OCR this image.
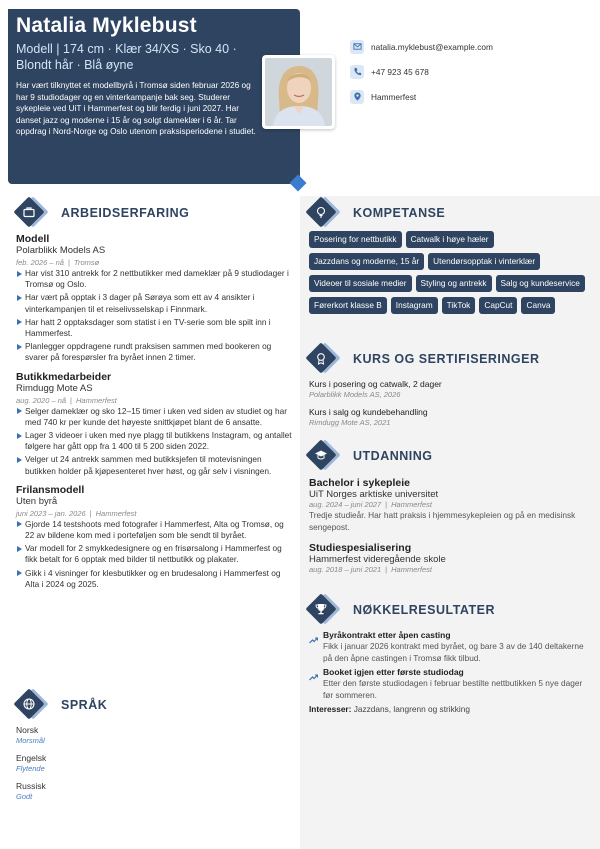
Natalia Myklebust
Modell | 174 cm · Klær 34/XS · Sko 40 · Blondt hår · Blå øyne
Har vært tilknyttet et modellbyrå i Tromsø siden februar 2026 og har 9 studiodager og en vinterkampanje bak seg. Studerer sykepleie ved UiT i Hammerfest og blir ferdig i juni 2027. Har danset jazz og moderne i 15 år og solgt dameklær i 6 år. Tar oppdrag i Nord-Norge og Oslo utenom praksisperiodene i studiet.
natalia.myklebust@example.com
+47 923 45 678
Hammerfest
ARBEIDSERFARING
Modell
Polarblikk Models AS
feb. 2026 – nå | Tromsø
Har vist 310 antrekk for 2 nettbutikker med dameklær på 9 studiodager i Tromsø og Oslo.
Har vært på opptak i 3 dager på Sørøya som ett av 4 ansikter i vinterkampanjen til et reiselivsselskap i Finnmark.
Har hatt 2 opptaksdager som statist i en TV-serie som ble spilt inn i Hammerfest.
Planlegger oppdragene rundt praksisen sammen med bookeren og svarer på forespørsler fra byrået innen 2 timer.
Butikkmedarbeider
Rimdugg Mote AS
aug. 2020 – nå | Hammerfest
Selger dameklær og sko 12–15 timer i uken ved siden av studiet og har med 740 kr per kunde det høyeste snittkjøpet blant de 6 ansatte.
Lager 3 videoer i uken med nye plagg til butikkens Instagram, og antallet følgere har gått opp fra 1 400 til 5 200 siden 2022.
Velger ut 24 antrekk sammen med butikksjefen til motevisningen butikken holder på kjøpesenteret hver høst, og går selv i visningen.
Frilansmodell
Uten byrå
juni 2023 – jan. 2026 | Hammerfest
Gjorde 14 testshoots med fotografer i Hammerfest, Alta og Tromsø, og 22 av bildene kom med i porteføljen som ble sendt til byrået.
Var modell for 2 smykkedesignere og en frisørsalong i Hammerfest og fikk betalt for 6 opptak med bilder til nettbutikk og plakater.
Gikk i 4 visninger for klesbutikker og en brudesalong i Hammerfest og Alta i 2024 og 2025.
SPRÅK
Norsk
Morsmål
Engelsk
Flytende
Russisk
Godt
KOMPETANSE
Posering for nettbutikk	Catwalk i høye hæler
Jazzdans og moderne, 15 år	Utendørsopptak i vinterklær
Videoer til sosiale medier	Styling og antrekk	Salg og kundeservice
Førerkort klasse B	Instagram	TikTok	CapCut	Canva
KURS OG SERTIFISERINGER
Kurs i posering og catwalk, 2 dager
Polarblikk Models AS, 2026
Kurs i salg og kundebehandling
Rimdugg Mote AS, 2021
UTDANNING
Bachelor i sykepleie
UiT Norges arktiske universitet
aug. 2024 – juni 2027 | Hammerfest
Tredje studieår. Har hatt praksis i hjemmesykepleien og på en medisinsk sengepost.
Studiespesialisering
Hammerfest videregående skole
aug. 2018 – juni 2021 | Hammerfest
NØKKELRESULTATER
Byråkontrakt etter åpen casting
Fikk i januar 2026 kontrakt med byrået, og bare 3 av de 140 deltakerne på den åpne castingen i Tromsø fikk tilbud.
Booket igjen etter første studiodag
Etter den første studiodagen i februar bestilte nettbutikken 5 nye dager før sommeren.
Interesser: Jazzdans, langrenn og strikking
